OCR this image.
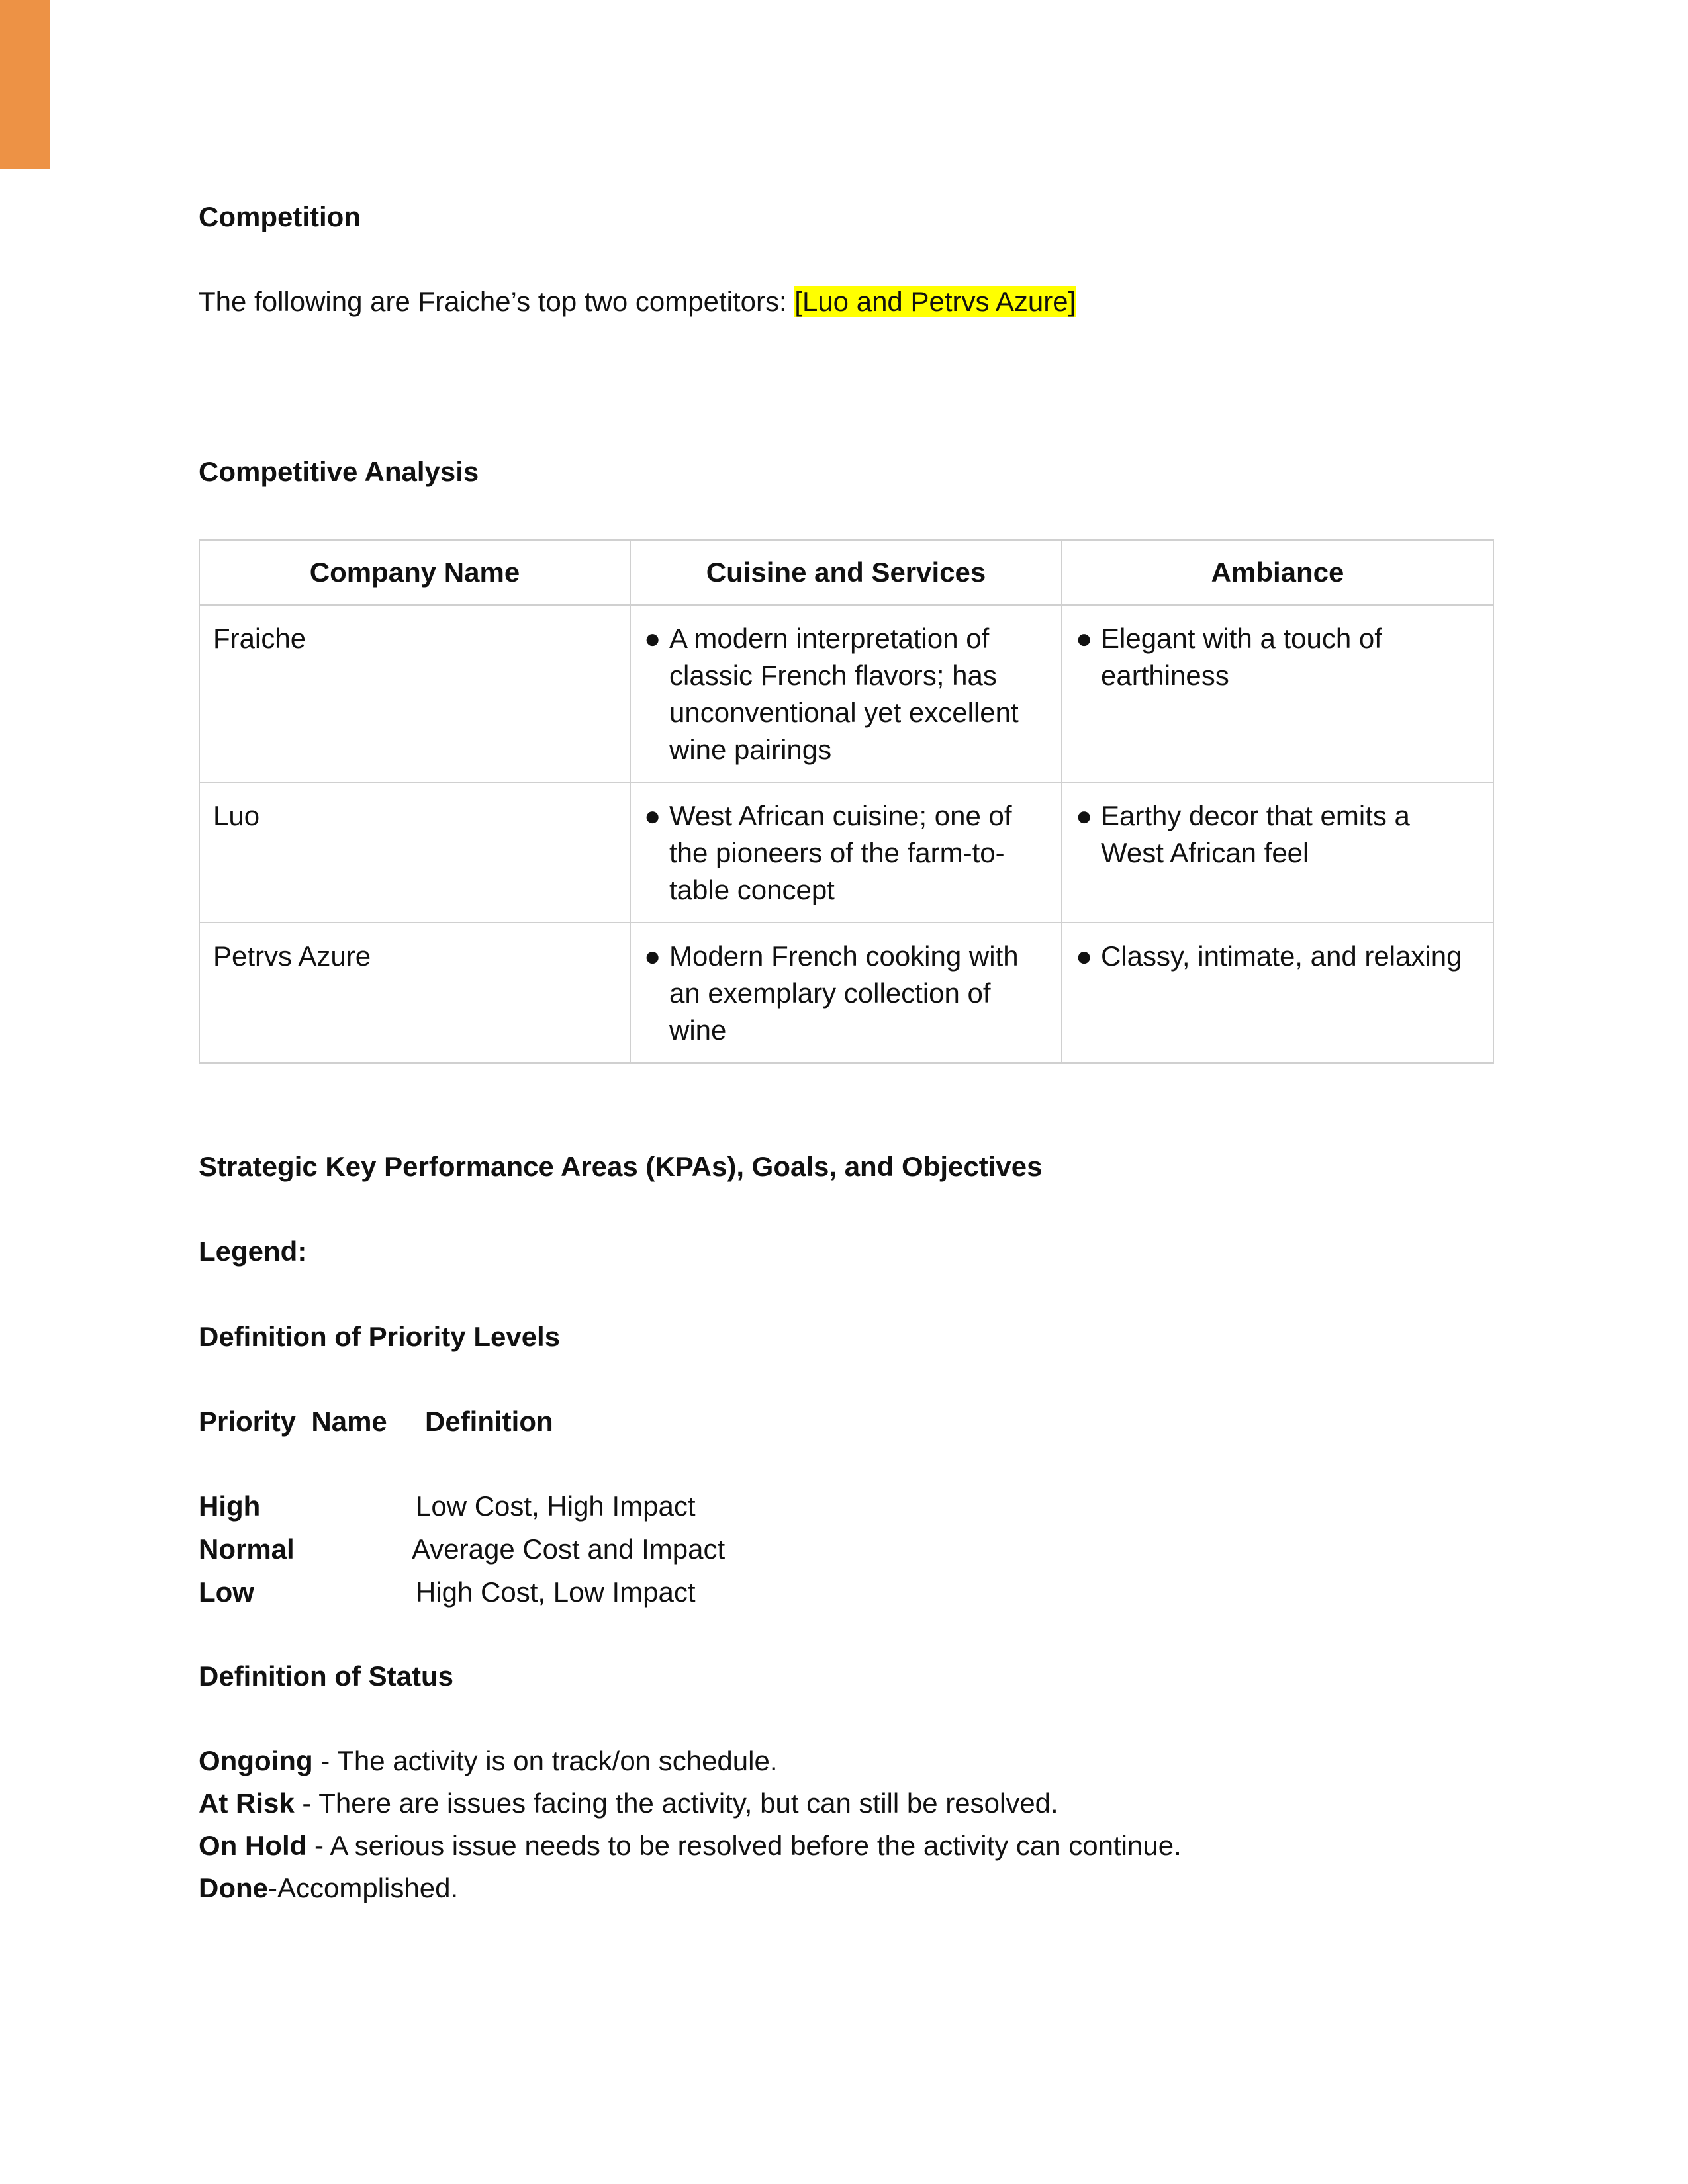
Competition
The following are Fraiche’s top two competitors: [Luo and Petrvs Azure]
Competitive Analysis
Company Name	Cuisine and Services	Ambiance
Fraiche	● A modern interpretation of classic French flavors; has unconventional yet excellent wine pairings	● Elegant with a touch of earthiness

Luo	● West African cuisine; one of the pioneers of the farm-to-table concept	● Earthy decor that emits a West African feel

Petrvs Azure	● Modern French cooking with an exemplary collection of wine	● Classy, intimate, and relaxing
Strategic Key Performance Areas (KPAs), Goals, and Objectives
Legend:
Definition of Priority Levels
Priority  Name Definition
High	Low Cost, High Impact
Normal	Average Cost and Impact
Low	High Cost, Low Impact
Definition of Status
Ongoing - The activity is on track/on schedule.
At Risk - There are issues facing the activity, but can still be resolved.
On Hold - A serious issue needs to be resolved before the activity can continue.
Done-Accomplished.
